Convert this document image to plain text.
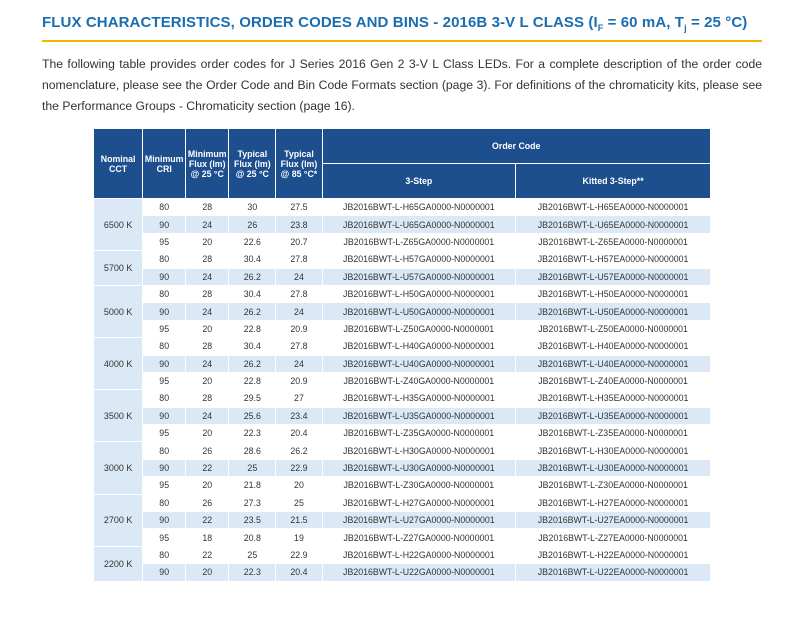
FLUX CHARACTERISTICS, ORDER CODES AND BINS - 2016B 3-V L CLASS ($I_F = 60$ mA, $T_j = 25$ °C)

The following table provides order codes for J Series 2016 Gen 2 3-V L Class LEDs. For a complete description of the order code nomenclature, please see the Order Code and Bin Code Formats section (page 3). For definitions of the chromaticity kits, please see the Performance Groups - Chromaticity section (page 16).

Nominal CCT	Minimum CRI	Minimum Flux (lm) @ 25 °C	Typical Flux (lm) @ 25 °C	Typical Flux (lm) @ 85 °C*	Order Code	
					3-Step	Kitted 3-Step**
6500 K	80	28	30	27.5	JB2016BWT-L-H65GA0000-N0000001	JB2016BWT-L-H65EA0000-N0000001
	90	24	26	23.8	JB2016BWT-L-U65GA0000-N0000001	JB2016BWT-L-U65EA0000-N0000001
	95	20	22.6	20.7	JB2016BWT-L-Z65GA0000-N0000001	JB2016BWT-L-Z65EA0000-N0000001
5700 K	80	28	30.4	27.8	JB2016BWT-L-H57GA0000-N0000001	JB2016BWT-L-H57EA0000-N0000001
	90	24	26.2	24	JB2016BWT-L-U57GA0000-N0000001	JB2016BWT-L-U57EA0000-N0000001
5000 K	80	28	30.4	27.8	JB2016BWT-L-H50GA0000-N0000001	JB2016BWT-L-H50EA0000-N0000001
	90	24	26.2	24	JB2016BWT-L-U50GA0000-N0000001	JB2016BWT-L-U50EA0000-N0000001
	95	20	22.8	20.9	JB2016BWT-L-Z50GA0000-N0000001	JB2016BWT-L-Z50EA0000-N0000001
4000 K	80	28	30.4	27.8	JB2016BWT-L-H40GA0000-N0000001	JB2016BWT-L-H40EA0000-N0000001
	90	24	26.2	24	JB2016BWT-L-U40GA0000-N0000001	JB2016BWT-L-U40EA0000-N0000001
	95	20	22.8	20.9	JB2016BWT-L-Z40GA0000-N0000001	JB2016BWT-L-Z40EA0000-N0000001
3500 K	80	28	29.5	27	JB2016BWT-L-H35GA0000-N0000001	JB2016BWT-L-H35EA0000-N0000001
	90	24	25.6	23.4	JB2016BWT-L-U35GA0000-N0000001	JB2016BWT-L-U35EA0000-N0000001
	95	20	22.3	20.4	JB2016BWT-L-Z35GA0000-N0000001	JB2016BWT-L-Z35EA0000-N0000001
3000 K	80	26	28.6	26.2	JB2016BWT-L-H30GA0000-N0000001	JB2016BWT-L-H30EA0000-N0000001
	90	22	25	22.9	JB2016BWT-L-U30GA0000-N0000001	JB2016BWT-L-U30EA0000-N0000001
	95	20	21.8	20	JB2016BWT-L-Z30GA0000-N0000001	JB2016BWT-L-Z30EA0000-N0000001
2700 K	80	26	27.3	25	JB2016BWT-L-H27GA0000-N0000001	JB2016BWT-L-H27EA0000-N0000001
	90	22	23.5	21.5	JB2016BWT-L-U27GA0000-N0000001	JB2016BWT-L-U27EA0000-N0000001
	95	18	20.8	19	JB2016BWT-L-Z27GA0000-N0000001	JB2016BWT-L-Z27EA0000-N0000001
2200 K	80	22	25	22.9	JB2016BWT-L-H22GA0000-N0000001	JB2016BWT-L-H22EA0000-N0000001
	90	20	22.3	20.4	JB2016BWT-L-U22GA0000-N0000001	JB2016BWT-L-U22EA0000-N0000001
